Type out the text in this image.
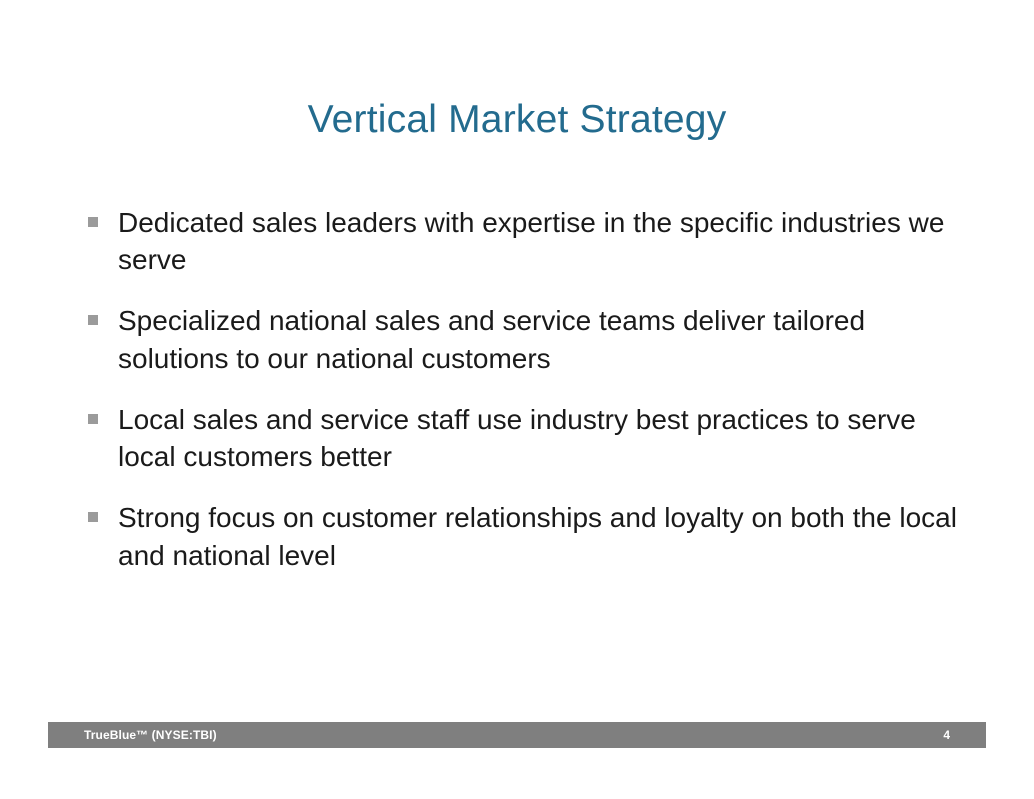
Vertical Market Strategy
Dedicated sales leaders with expertise in the specific industries we serve
Specialized national sales and service teams deliver tailored solutions to our national customers
Local sales and service staff use industry best practices to serve local customers better
Strong focus on customer relationships and loyalty on both the local and national level
TrueBlue™ (NYSE:TBI)	4
